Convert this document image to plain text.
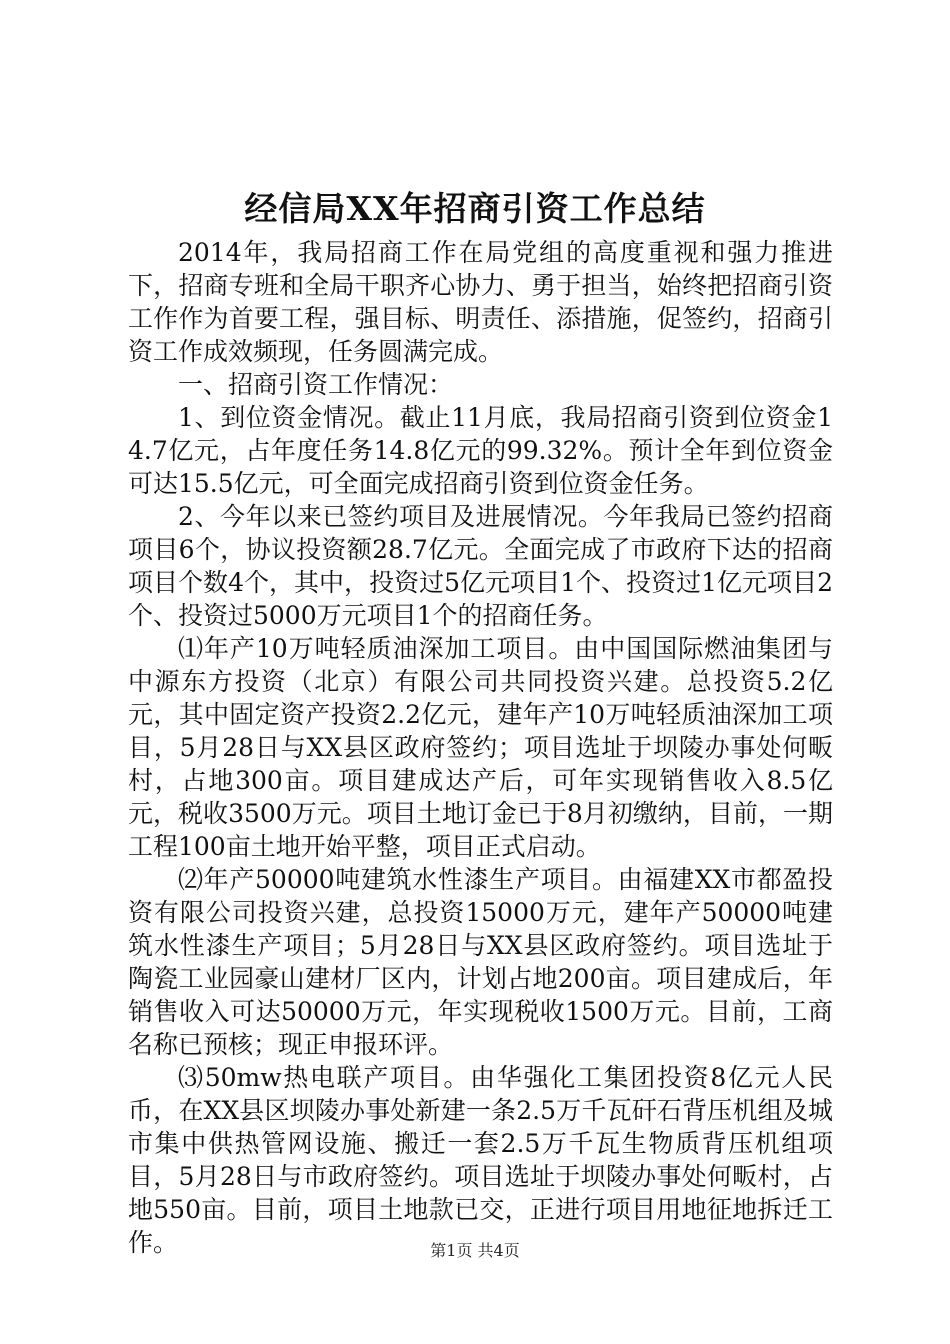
经信局XX年招商引资工作总结

2014年，我局招商工作在局党组的高度重视和强力推进下，招商专班和全局干职齐心协力、勇于担当，始终把招商引资工作作为首要工程，强目标、明责任、添措施，促签约，招商引资工作成效频现，任务圆满完成。

一、招商引资工作情况：

1、到位资金情况。截止11月底，我局招商引资到位资金14.7亿元，占年度任务14.8亿元的99.32%。预计全年到位资金可达15.5亿元，可全面完成招商引资到位资金任务。

2、今年以来已签约项目及进展情况。今年我局已签约招商项目6个，协议投资额28.7亿元。全面完成了市政府下达的招商项目个数4个，其中，投资过5亿元项目1个、投资过1亿元项目2个、投资过5000万元项目1个的招商任务。

⑴年产10万吨轻质油深加工项目。由中国国际燃油集团与中源东方投资（北京）有限公司共同投资兴建。总投资5.2亿元，其中固定资产投资2.2亿元，建年产10万吨轻质油深加工项目，5月28日与XX县区政府签约；项目选址于坝陵办事处何畈村，占地300亩。项目建成达产后，可年实现销售收入8.5亿元，税收3500万元。项目土地订金已于8月初缴纳，目前，一期工程100亩土地开始平整，项目正式启动。

⑵年产50000吨建筑水性漆生产项目。由福建XX市都盈投资有限公司投资兴建，总投资15000万元，建年产50000吨建筑水性漆生产项目；5月28日与XX县区政府签约。项目选址于陶瓷工业园豪山建材厂区内，计划占地200亩。项目建成后，年销售收入可达50000万元，年实现税收1500万元。目前，工商名称已预核；现正申报环评。

⑶50mw热电联产项目。由华强化工集团投资8亿元人民币，在XX县区坝陵办事处新建一条2.5万千瓦矸石背压机组及城市集中供热管网设施、搬迁一套2.5万千瓦生物质背压机组项目，5月28日与市政府签约。项目选址于坝陵办事处何畈村，占地550亩。目前，项目土地款已交，正进行项目用地征地拆迁工作。	第1页 共4页
